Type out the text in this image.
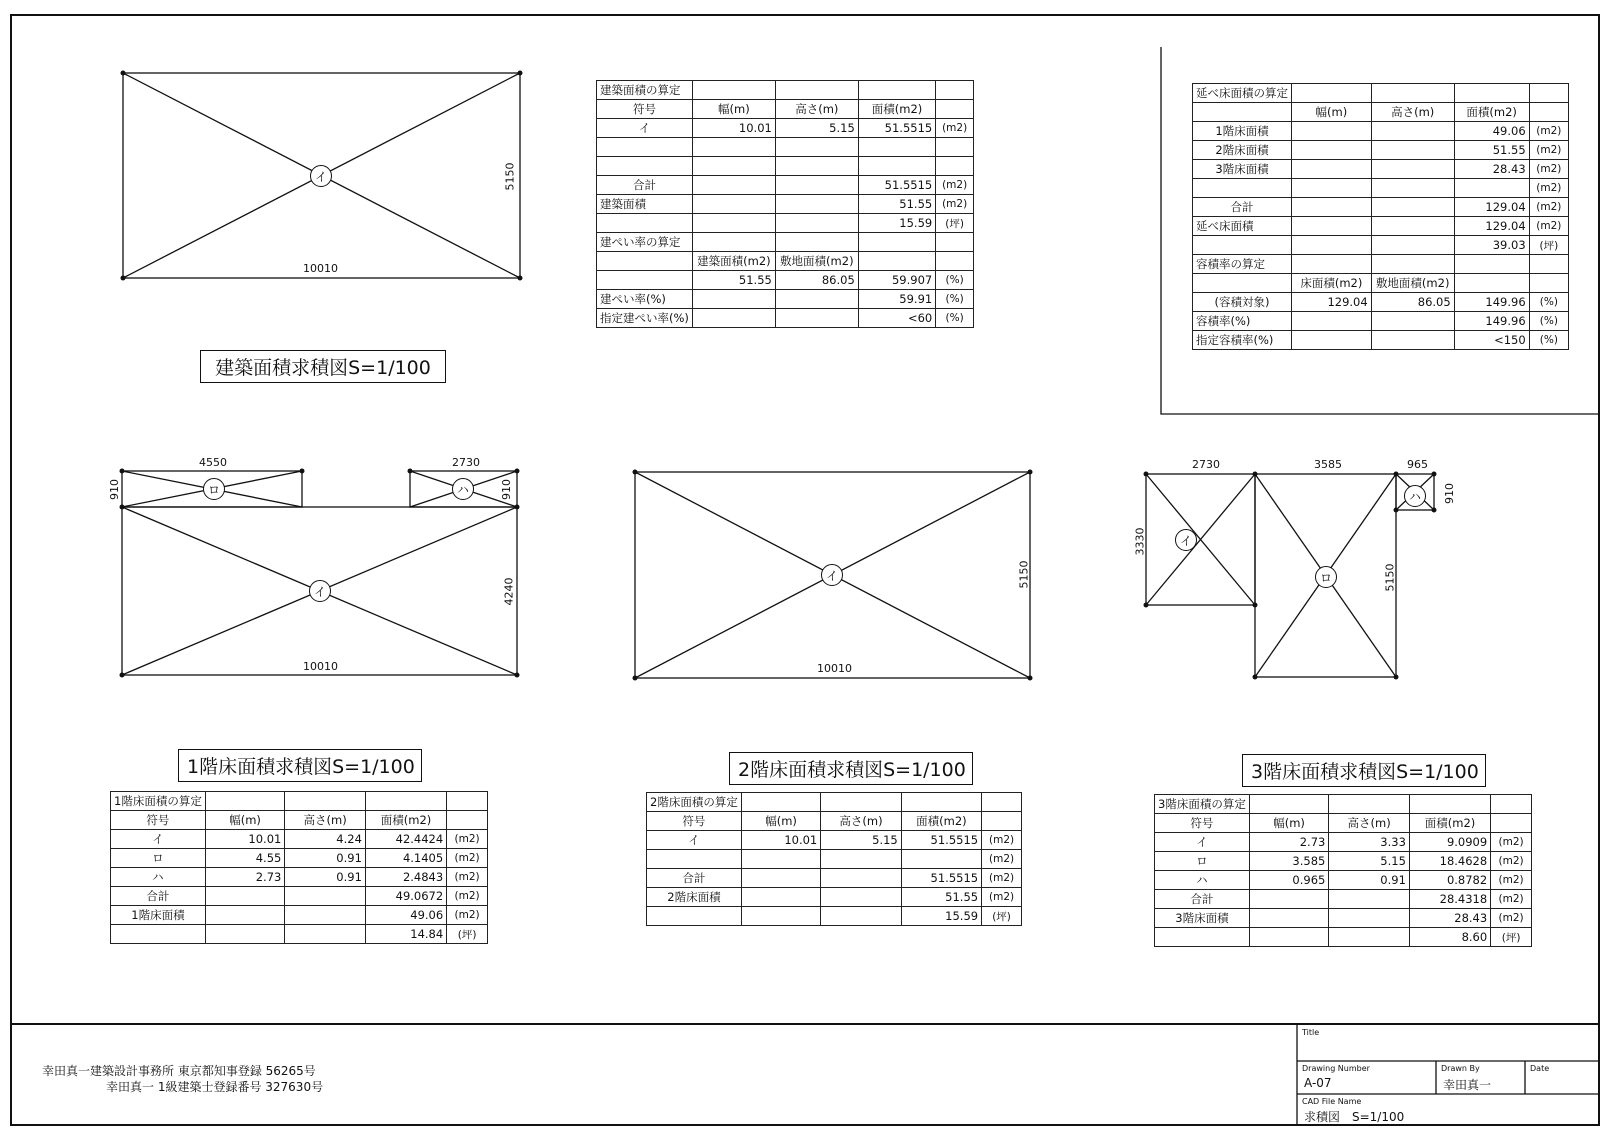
イ
10010
5150
建築面積求積図S=1/100
4550	2730
910	910
4240
10010
ロ	ハ
イ
1階床面積求積図S=1/100
イ
10010
5150
2階床面積求積図S=1/100
2730	3585	965
3330
5150
910
イ
ロ
ハ
3階床面積求積図S=1/100
建築面積の算定				
符号	幅(m)	高さ(m)	面積(m2)	
イ	10.01	5.15	51.5515	(m2)

合計			51.5515	(m2)
建築面積			51.55	(m2)
			15.59	(坪)
建ぺい率の算定				
	建築面積(m2)	敷地面積(m2)		
	51.55	86.05	59.907	(%)
建ぺい率(%)			59.91	(%)
指定建ぺい率(%)			<60	(%)
延べ床面積の算定				
	幅(m)	高さ(m)	面積(m2)	
1階床面積			49.06	(m2)
2階床面積			51.55	(m2)
3階床面積			28.43	(m2)
				(m2)
合計			129.04	(m2)
延べ床面積			129.04	(m2)
			39.03	(坪)
容積率の算定				
	床面積(m2)	敷地面積(m2)		
(容積対象)	129.04	86.05	149.96	(%)
容積率(%)			149.96	(%)
指定容積率(%)			<150	(%)
1階床面積の算定				
符号	幅(m)	高さ(m)	面積(m2)	
イ	10.01	4.24	42.4424	(m2)
ロ	4.55	0.91	4.1405	(m2)
ハ	2.73	0.91	2.4843	(m2)
合計			49.0672	(m2)
1階床面積			49.06	(m2)
			14.84	(坪)
2階床面積の算定				
符号	幅(m)	高さ(m)	面積(m2)	
イ	10.01	5.15	51.5515	(m2)
				(m2)
合計			51.5515	(m2)
2階床面積			51.55	(m2)
			15.59	(坪)
3階床面積の算定				
符号	幅(m)	高さ(m)	面積(m2)	
イ	2.73	3.33	9.0909	(m2)
ロ	3.585	5.15	18.4628	(m2)
ハ	0.965	0.91	0.8782	(m2)
合計			28.4318	(m2)
3階床面積			28.43	(m2)
			8.60	(坪)
幸田真一建築設計事務所 東京都知事登録 56265号
幸田真一 1級建築士登録番号 327630号
Title
Drawing Number
A-07
Drawn By
幸田真一
Date
CAD File Name
求積図　S=1/100
